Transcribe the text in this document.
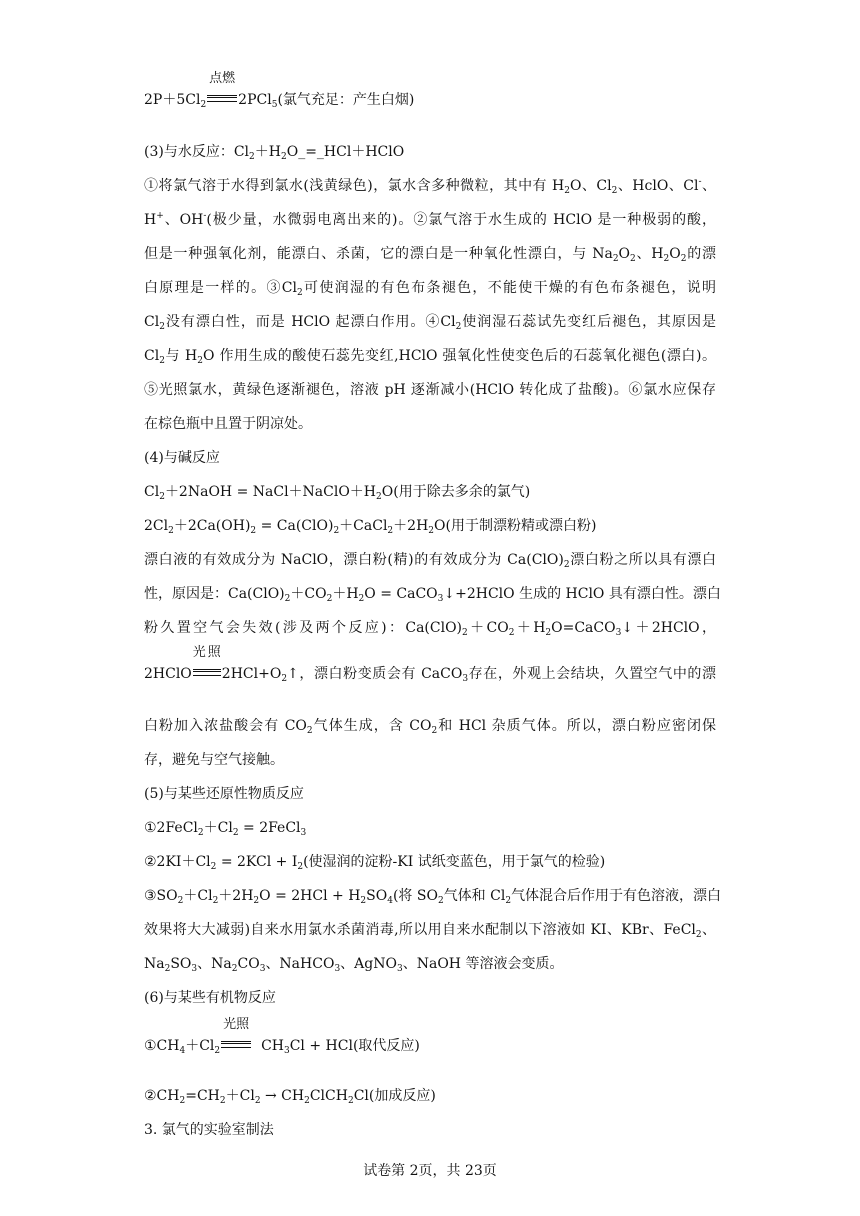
$2P+5Cl_2$
点燃
2PCl$_5$(氯气充足：产生白烟)
(3)与水反应：$Cl_2+H_2O\_=\_HCl+HClO$
①将氯气溶于水得到氯水(浅黄绿色)，氯水含多种微粒，其中有 $H_2O$、$Cl_2$、HclO、Cl-、
H+、OH-(极少量，水微弱电离出来的)。②氯气溶于水生成的 HClO 是一种极弱的酸，
但是一种强氧化剂，能漂白、杀菌，它的漂白是一种氧化性漂白，与 $Na_2O_2$、$H_2O_2$的漂
白原理是一样的。$③Cl_2$可使润湿的有色布条褪色，不能使干燥的有色布条褪色，说明
$Cl_2$没有漂白性，而是 HClO 起漂白作用。$④Cl_2$使润湿石蕊试先变红后褪色，其原因是
$Cl_2$与 $H_2O$ 作用生成的酸使石蕊先变红,HClO 强氧化性使变色后的石蕊氧化褪色(漂白)。
⑤光照氯水，黄绿色逐渐褪色，溶液 pH 逐渐减小(HClO 转化成了盐酸)。⑥氯水应保存
在棕色瓶中且置于阴凉处。
(4)与碱反应
$Cl_2+2NaOH$ = $NaCl+NaClO+H_2O$(用于除去多余的氯气)
$2Cl_2+2Ca(OH)_2$ = $Ca(ClO)_2+CaCl_2+2H_2O$(用于制漂粉精或漂白粉)
漂白液的有效成分为 NaClO，漂白粉(精)的有效成分为 $Ca(ClO)_2$漂白粉之所以具有漂白
性，原因是：$Ca(ClO)_2+CO_2+H_2O$ = CaCO$_3$↓+2HClO 生成的 HClO 具有漂白性。漂白
粉久置空气会失效(涉及两个反应)：$Ca(ClO)_2+CO_2+H_2O=CaCO_3↓+2HClO$，
2HClO
光照
$2HCl+O_2↑$，漂白粉变质会有 CaCO$_3$存在，外观上会结块，久置空气中的漂
白粉加入浓盐酸会有 $CO_2$气体生成，含 $CO_2$和 HCl 杂质气体。所以，漂白粉应密闭保
存，避免与空气接触。
(5)与某些还原性物质反应
$①2FeCl_2+Cl_2$ = 2FeCl$_3$
$②2KI+Cl_2 = 2KCl + I_2$(使湿润的淀粉-KI 试纸变蓝色，用于氯气的检验)
$③SO_2+Cl_2+2H_2O = 2HCl + H_2SO_4$(将 $SO_2$气体和 $Cl_2$气体混合后作用于有色溶液，漂白
效果将大大减弱)自来水用氯水杀菌消毒,所以用自来水配制以下溶液如 KI、KBr、FeCl$_2$、
$Na_2SO_3$、$Na_2CO_3$、NaHCO$_3$、AgNO$_3$、NaOH 等溶液会变质。
(6)与某些有机物反应
$①CH_4+Cl_2$
光照
$CH_3Cl + HCl$(取代反应)
$②CH_2=CH_2+Cl_2$ → $CH_2ClCH_2Cl$(加成反应)
3. 氯气的实验室制法
试卷第 2页，共 23页
